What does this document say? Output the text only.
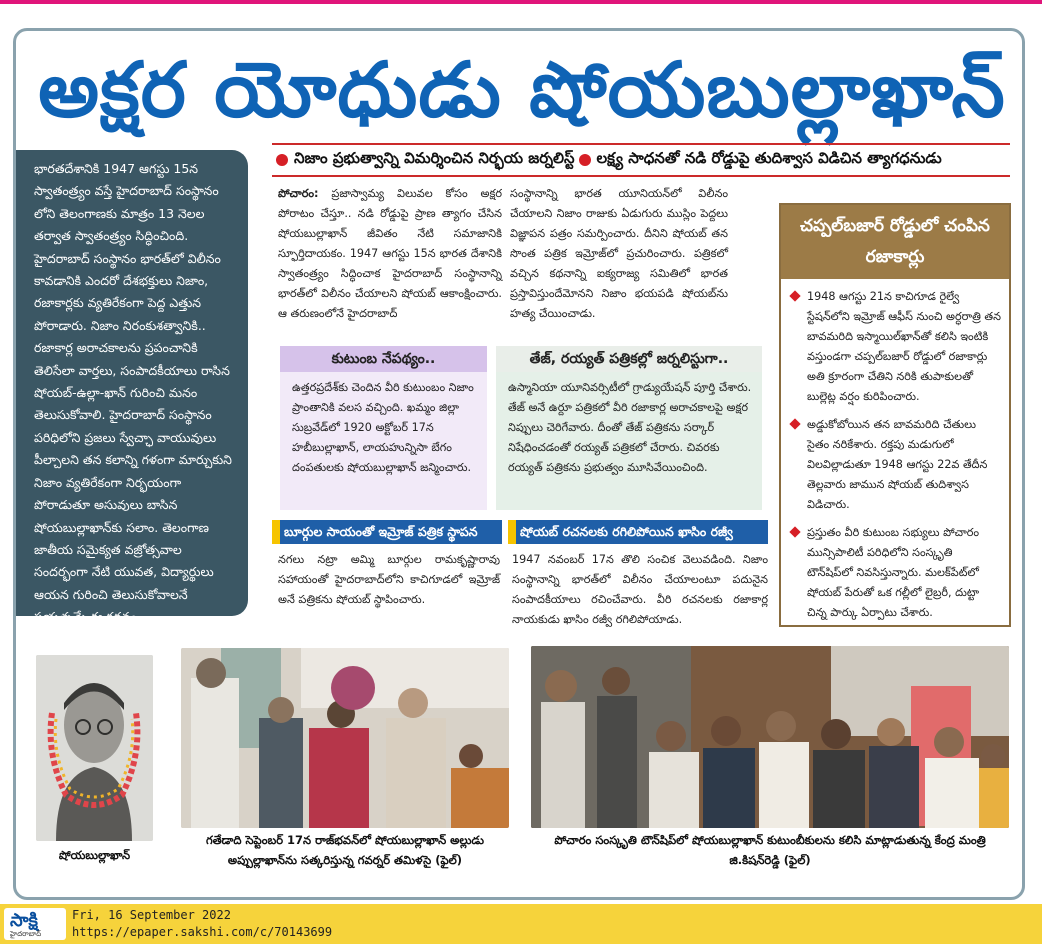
అక్షర యోధుడు షోయబుల్లాఖాన్
భారతదేశానికి 1947 ఆగస్టు 15న స్వాతంత్ర్యం వస్తే హైదరాబాద్ సంస్థానం లోని తెలంగాణకు మాత్రం 13 నెలల తర్వాత స్వాతంత్ర్యం సిద్ధించింది. హైదరాబాద్ సంస్థానం భారత్‌లో విలీనం కావడానికి ఎందరో దేశభక్తులు నిజాం, రజాకార్లకు వ్యతిరేకంగా పెద్ద ఎత్తున పోరాడారు. నిజాం నిరంకుశత్వానికి.. రజాకార్ల అరాచకాలను ప్రపంచానికి తెలిసేలా వార్తలు, సంపాదకీయాలు రాసిన షోయబ్-ఉల్లా-ఖాన్ గురించి మనం తెలుసుకోవాలి. హైదరాబాద్ సంస్థానం పరిధిలోని ప్రజలు స్వేచ్ఛా వాయువులు పీల్చాలని తన కలాన్ని గళంగా మార్చుకుని నిజాం వ్యతిరేకంగా నిర్భయంగా పోరాడుతూ అసువులు బాసిన షోయబుల్లాఖాన్‌కు సలాం. తెలంగాణ జాతీయ సమైక్యత వజ్రోత్సవాల సందర్భంగా నేటి యువత, విద్యార్థులు ఆయన గురించి తెలుసుకోవాలనే ప్రయత్నమే ఈ కథనం.
నిజాం ప్రభుత్వాన్ని విమర్శించిన నిర్భయ జర్నలిస్ట్ లక్ష్య సాధనతో నడి రోడ్డుపై తుదిశ్వాస విడిచిన త్యాగధనుడు
పోచారం: ప్రజాస్వామ్య విలువల కోసం అక్షర పోరాటం చేస్తూ.. నడి రోడ్డుపై ప్రాణ త్యాగం చేసిన షోయబుల్లాఖాన్ జీవితం నేటి సమాజానికి స్ఫూర్తిదాయకం. 1947 ఆగస్టు 15న భారత దేశానికి స్వాతంత్ర్యం సిద్ధించాక హైదరాబాద్ సంస్థానాన్ని భారత్‌లో విలీనం చేయాలని షోయబ్ ఆకాంక్షించారు. ఆ తరుణంలోనే హైదరాబాద్
సంస్థానాన్ని భారత యూనియన్‌లో విలీనం చేయాలని నిజాం రాజుకు ఏడుగురు ముస్లిం పెద్దలు విజ్ఞాపన పత్రం సమర్పించారు. దీనిని షోయబ్ తన సొంత పత్రిక ఇమ్రోజ్‌లో ప్రచురించారు. పత్రికలో వచ్చిన కథనాన్ని ఐక్యరాజ్య సమితిలో భారత ప్రస్తావిస్తుందేమోనని నిజాం భయపడి షోయబ్‌ను హత్య చేయించాడు.
చప్పల్‌బజార్ రోడ్డులో చంపిన రజాకార్లు
1948 ఆగస్టు 21న కాచిగూడ రైల్వే స్టేషన్‌లోని ఇమ్రోజ్ ఆఫీస్ నుంచి అర్ధరాత్రి తన బావమరిది ఇస్మాయిల్‌ఖాన్‌తో కలిసి ఇంటికి వస్తుండగా చప్పల్‌బజార్ రోడ్డులో రజాకార్లు అతి క్రూరంగా చేతిని నరికి తుపాకులతో బుల్లెట్ల వర్షం కురిపించారు.
అడ్డుకోబోయిన తన బావమరిది చేతులు సైతం నరికేశారు. రక్తపు మడుగులో విలవిల్లాడుతూ 1948 ఆగస్టు 22వ తేదీన తెల్లవారు జామున షోయబ్ తుదిశ్వాస విడిచారు.
ప్రస్తుతం వీరి కుటుంబ సభ్యులు పోచారం మున్సిపాలిటీ పరిధిలోని సంస్కృతి టౌన్‌షిప్‌లో నివసిస్తున్నారు. మలక్‌పేట్‌లో షోయబ్ పేరుతో ఒక గల్లీలో లైబ్రరీ, దుట్టా చిన్న పార్కు ఏర్పాటు చేశారు.
కుటుంబ నేపథ్యం..
ఉత్తరప్రదేశ్‌కు చెందిన వీరి కుటుంబం నిజాం ప్రాంతానికి వలస వచ్చింది. ఖమ్మం జిల్లా సుబ్రవేడ్‌లో 1920 అక్టోబర్ 17న హబీబుల్లాఖాన్, లాయహున్నిసా బేగం దంపతులకు షోయబుల్లాఖాన్ జన్మించారు.
తేజ్, రయ్యత్ పత్రికల్లో జర్నలిస్టుగా..
ఉస్మానియా యూనివర్సిటీలో గ్రాడ్యుయేషన్ పూర్తి చేశారు. తేజ్ అనే ఉర్దూ పత్రికలో వీరి రజాకార్ల అరాచకాలపై అక్షర నిప్పులు చెరిగేవారు. దీంతో తేజ్ పత్రికను సర్కార్ నిషేధించడంతో రయ్యత్ పత్రికలో చేరారు. చివరకు రయ్యత్ పత్రికను ప్రభుత్వం మూసివేయించింది.
బూర్గుల సాయంతో ఇమ్రోజ్ పత్రిక స్థాపన
నగలు నట్రా అమ్మి బూర్గుల రామకృష్ణారావు సహాయంతో హైదరాబాద్‌లోని కాచిగూడలో ఇమ్రోజ్ అనే పత్రికను షోయబ్ స్థాపించారు.
షోయబ్ రచనలకు రగిలిపోయిన ఖాసిం రజ్వీ
1947 నవంబర్ 17న తొలి సంచిక వెలువడింది. నిజాం సంస్థానాన్ని భారత్‌లో విలీనం చేయాలంటూ పదునైన సంపాదకీయాలు రచించేవారు. వీరి రచనలకు రజాకార్ల నాయకుడు ఖాసిం రజ్వీ రగిలిపోయాడు.
షోయబుల్లాఖాన్
గతేడాది సెప్టెంబర్ 17న రాజ్‌భవన్‌లో షోయబుల్లాఖాన్ అల్లుడు అప్పుల్లాఖాన్‌ను సత్కరిస్తున్న గవర్నర్ తమిళసై (ఫైల్)
పోచారం సంస్కృతి టౌన్‌షిప్‌లో షోయబుల్లాఖాన్ కుటుంబీకులను కలిసి మాట్లాడుతున్న కేంద్ర మంత్రి జి.కిషన్‌రెడ్డి (ఫైల్)
సాక్షి
హైదరాబాద్
Fri, 16 September 2022
https://epaper.sakshi.com/c/70143699
